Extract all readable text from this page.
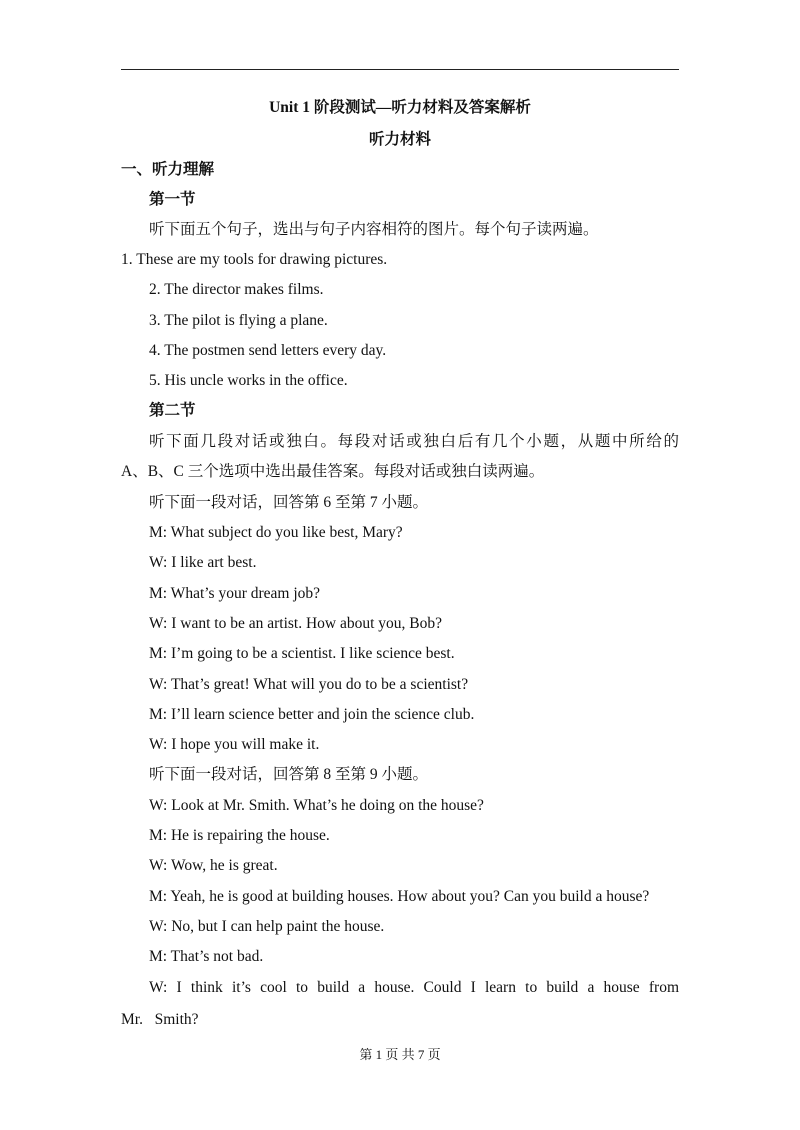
Unit 1 阶段测试—听力材料及答案解析
听力材料
一、听力理解
第一节
听下面五个句子，选出与句子内容相符的图片。每个句子读两遍。
1. These are my tools for drawing pictures.
2. The director makes films.
3. The pilot is flying a plane.
4. The postmen send letters every day.
5. His uncle works in the office.
第二节
听下面几段对话或独白。每段对话或独白后有几个小题，从题中所给的
A、B、C 三个选项中选出最佳答案。每段对话或独白读两遍。
听下面一段对话，回答第 6 至第 7 小题。
M: What subject do you like best, Mary?
W: I like art best.
M: What’s your dream job?
W: I want to be an artist. How about you, Bob?
M: I’m going to be a scientist. I like science best.
W: That’s great! What will you do to be a scientist?
M: I’ll learn science better and join the science club.
W: I hope you will make it.
听下面一段对话，回答第 8 至第 9 小题。
W: Look at Mr. Smith. What’s he doing on the house?
M: He is repairing the house.
W: Wow, he is great.
M: Yeah, he is good at building houses. How about you? Can you build a house?
W: No, but I can help paint the house.
M: That’s not bad.
W: I think it’s cool to build a house. Could I learn to build a house from
Mr.   Smith?
第 1 页 共 7 页
